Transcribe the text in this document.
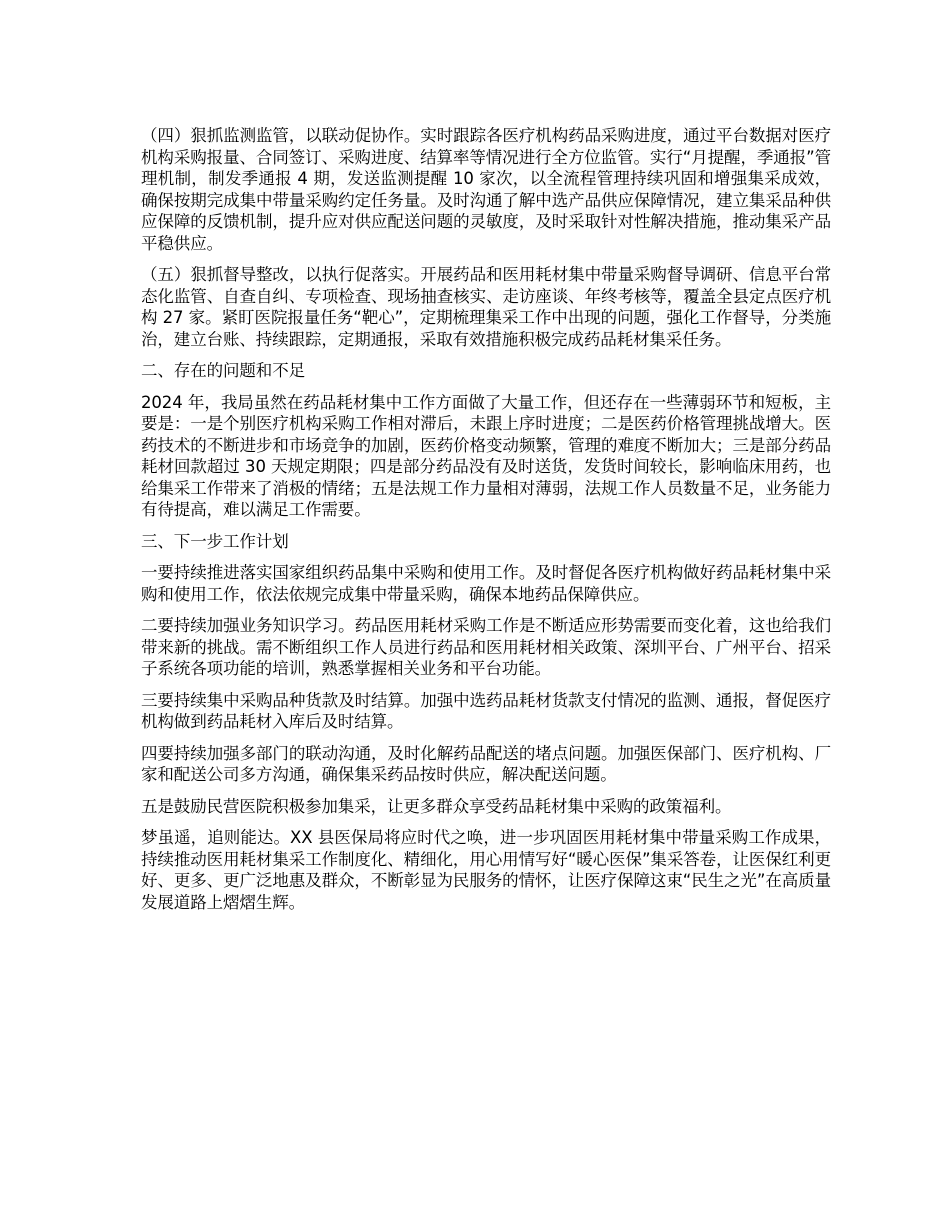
（四）狠抓监测监管，以联动促协作。实时跟踪各医疗机构药品采购进度，通过平台数据对医疗机构采购报量、合同签订、采购进度、结算率等情况进行全方位监管。实行“月提醒，季通报”管理机制，制发季通报 4 期，发送监测提醒 10 家次，以全流程管理持续巩固和增强集采成效，确保按期完成集中带量采购约定任务量。及时沟通了解中选产品供应保障情况，建立集采品种供应保障的反馈机制，提升应对供应配送问题的灵敏度，及时采取针对性解决措施，推动集采产品平稳供应。

（五）狠抓督导整改，以执行促落实。开展药品和医用耗材集中带量采购督导调研、信息平台常态化监管、自查自纠、专项检查、现场抽查核实、走访座谈、年终考核等，覆盖全县定点医疗机构 27 家。紧盯医院报量任务“靶心”，定期梳理集采工作中出现的问题，强化工作督导，分类施治，建立台账、持续跟踪，定期通报，采取有效措施积极完成药品耗材集采任务。

二、存在的问题和不足

2024 年，我局虽然在药品耗材集中工作方面做了大量工作，但还存在一些薄弱环节和短板，主要是：一是个别医疗机构采购工作相对滞后，未跟上序时进度；二是医药价格管理挑战增大。医药技术的不断进步和市场竞争的加剧，医药价格变动频繁，管理的难度不断加大；三是部分药品耗材回款超过 30 天规定期限；四是部分药品没有及时送货，发货时间较长，影响临床用药，也给集采工作带来了消极的情绪；五是法规工作力量相对薄弱，法规工作人员数量不足，业务能力有待提高，难以满足工作需要。

三、下一步工作计划

一要持续推进落实国家组织药品集中采购和使用工作。及时督促各医疗机构做好药品耗材集中采购和使用工作，依法依规完成集中带量采购，确保本地药品保障供应。

二要持续加强业务知识学习。药品医用耗材采购工作是不断适应形势需要而变化着，这也给我们带来新的挑战。需不断组织工作人员进行药品和医用耗材相关政策、深圳平台、广州平台、招采子系统各项功能的培训，熟悉掌握相关业务和平台功能。

三要持续集中采购品种货款及时结算。加强中选药品耗材货款支付情况的监测、通报，督促医疗机构做到药品耗材入库后及时结算。

四要持续加强多部门的联动沟通，及时化解药品配送的堵点问题。加强医保部门、医疗机构、厂家和配送公司多方沟通，确保集采药品按时供应，解决配送问题。

五是鼓励民营医院积极参加集采，让更多群众享受药品耗材集中采购的政策福利。

梦虽遥，追则能达。XX 县医保局将应时代之唤，进一步巩固医用耗材集中带量采购工作成果，持续推动医用耗材集采工作制度化、精细化，用心用情写好“暖心医保”集采答卷，让医保红利更好、更多、更广泛地惠及群众，不断彰显为民服务的情怀，让医疗保障这束“民生之光”在高质量发展道路上熠熠生辉。
